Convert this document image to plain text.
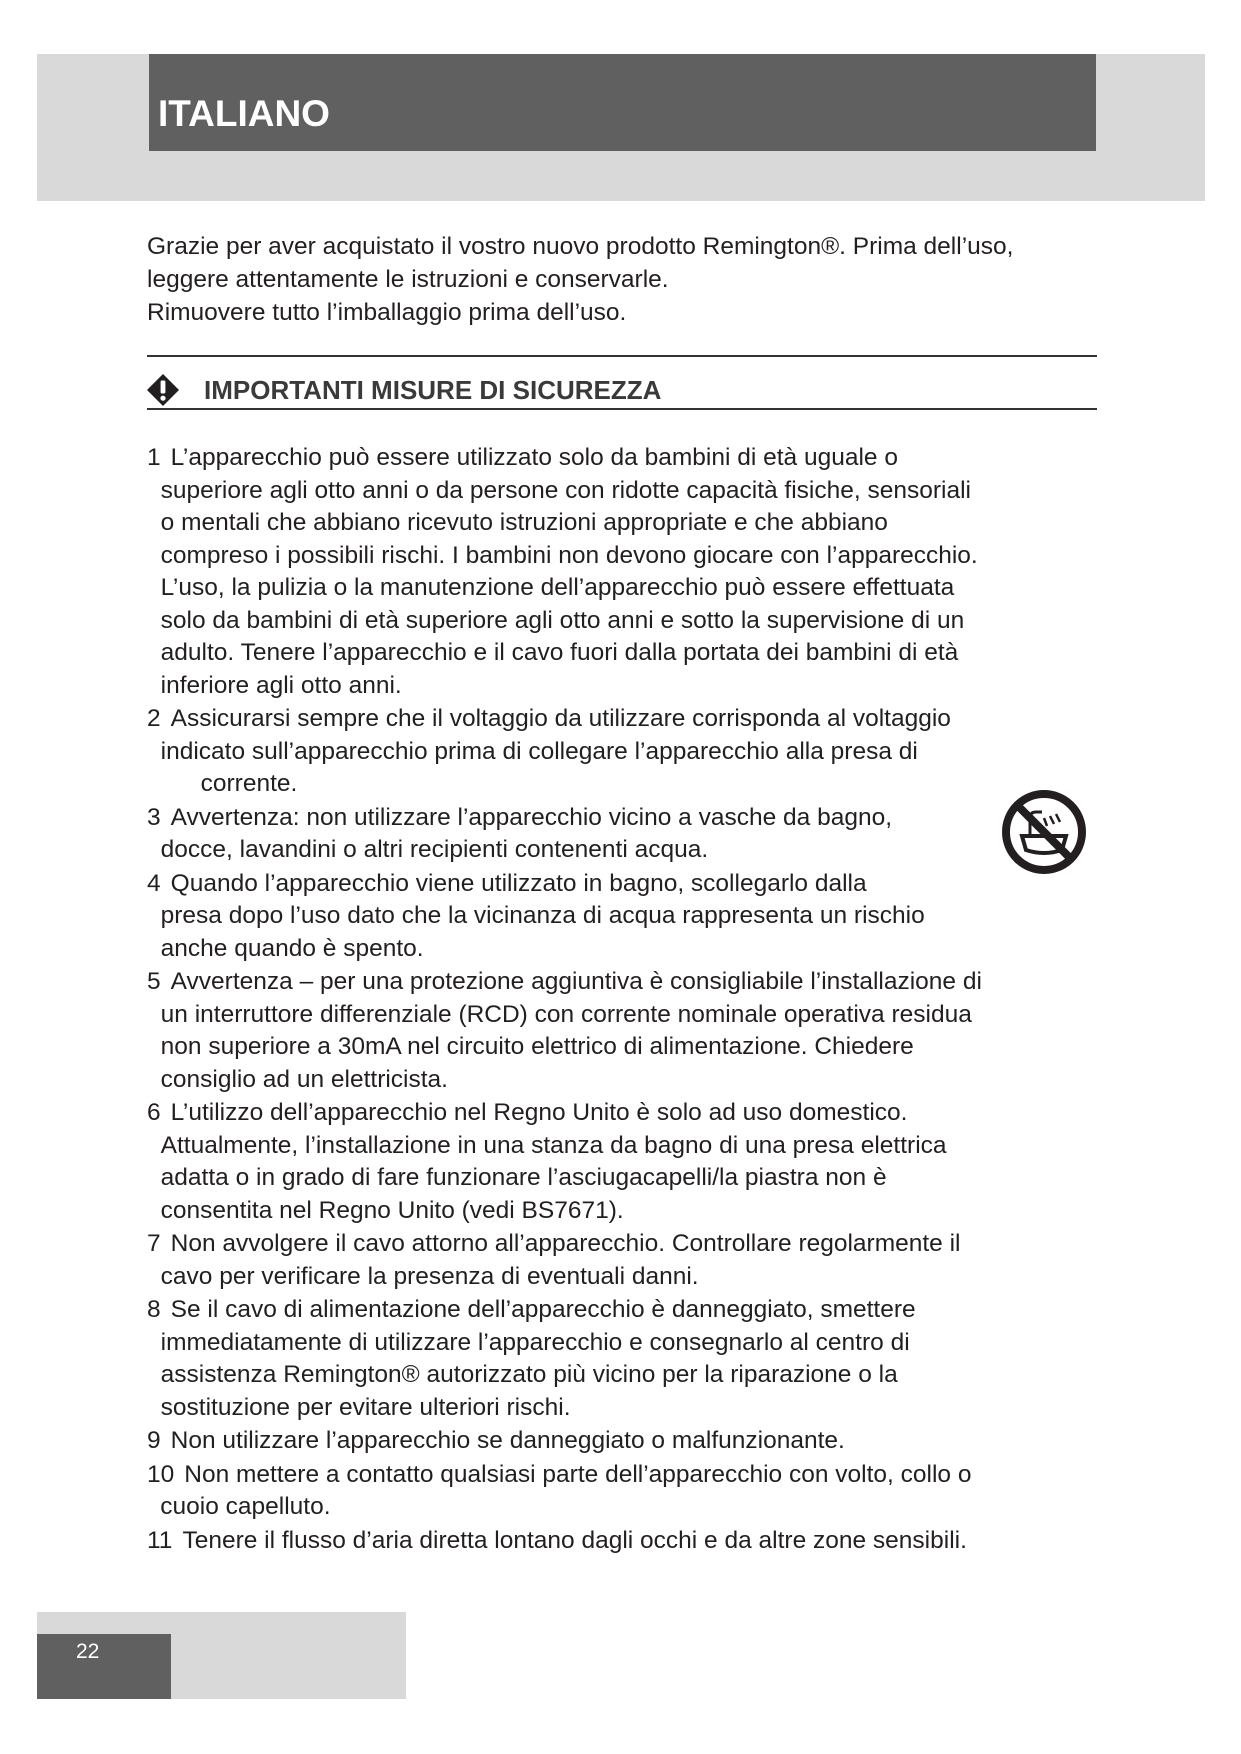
ITALIANO

Grazie per aver acquistato il vostro nuovo prodotto Remington®. Prima dell’uso,

leggere attentamente le istruzioni e conservarle.

Rimuovere tutto l’imballaggio prima dell’uso.

IMPORTANTI MISURE DI SICUREZZA
1 L’apparecchio può essere utilizzato solo da bambini di età uguale o
superiore agli otto anni o da persone con ridotte capacità fisiche, sensoriali
o mentali che abbiano ricevuto istruzioni appropriate e che abbiano
compreso i possibili rischi. I bambini non devono giocare con l’apparecchio.
L’uso, la pulizia o la manutenzione dell’apparecchio può essere effettuata
solo da bambini di età superiore agli otto anni e sotto la supervisione di un
adulto. Tenere l’apparecchio e il cavo fuori dalla portata dei bambini di età
inferiore agli otto anni.
2 Assicurarsi sempre che il voltaggio da utilizzare corrisponda al voltaggio
indicato sull’apparecchio prima di collegare l’apparecchio alla presa di
corrente.
3 Avvertenza: non utilizzare l’apparecchio vicino a vasche da bagno,
docce, lavandini o altri recipienti contenenti acqua.
4 Quando l’apparecchio viene utilizzato in bagno, scollegarlo dalla
presa dopo l’uso dato che la vicinanza di acqua rappresenta un rischio
anche quando è spento.
5 Avvertenza – per una protezione aggiuntiva è consigliabile l’installazione di
un interruttore differenziale (RCD) con corrente nominale operativa residua
non superiore a 30mA nel circuito elettrico di alimentazione. Chiedere
consiglio ad un elettricista.
6 L’utilizzo dell’apparecchio nel Regno Unito è solo ad uso domestico.
Attualmente, l’installazione in una stanza da bagno di una presa elettrica
adatta o in grado di fare funzionare l’asciugacapelli/la piastra non è
consentita nel Regno Unito (vedi BS7671).
7 Non avvolgere il cavo attorno all’apparecchio. Controllare regolarmente il
cavo per verificare la presenza di eventuali danni.
8 Se il cavo di alimentazione dell’apparecchio è danneggiato, smettere
immediatamente di utilizzare l’apparecchio e consegnarlo al centro di
assistenza Remington® autorizzato più vicino per la riparazione o la
sostituzione per evitare ulteriori rischi.
9 Non utilizzare l’apparecchio se danneggiato o malfunzionante.
10 Non mettere a contatto qualsiasi parte dell’apparecchio con volto, collo o
cuoio capelluto.
11 Tenere il flusso d’aria diretta lontano dagli occhi e da altre zone sensibili.
22
